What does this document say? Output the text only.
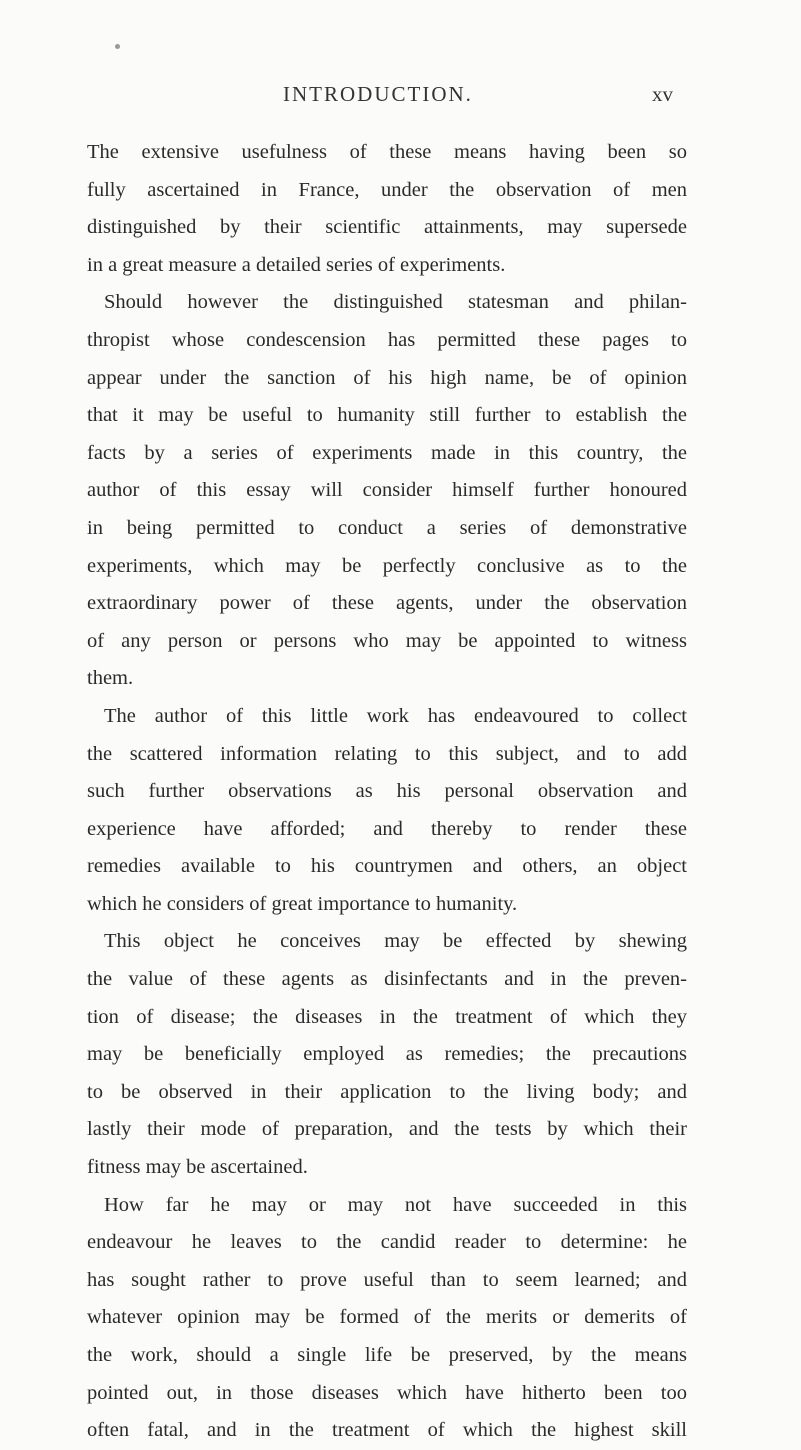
INTRODUCTION.	xv
The extensive usefulness of these means having been so
fully ascertained in France, under the observation of men
distinguished by their scientific attainments, may supersede
in a great measure a detailed series of experiments.
Should however the distinguished statesman and philan-
thropist whose condescension has permitted these pages to
appear under the sanction of his high name, be of opinion
that it may be useful to humanity still further to establish the
facts by a series of experiments made in this country, the
author of this essay will consider himself further honoured
in being permitted to conduct a series of demonstrative
experiments, which may be perfectly conclusive as to the
extraordinary power of these agents, under the observation
of any person or persons who may be appointed to witness
them.
The author of this little work has endeavoured to collect
the scattered information relating to this subject, and to add
such further observations as his personal observation and
experience have afforded; and thereby to render these
remedies available to his countrymen and others, an object
which he considers of great importance to humanity.
This object he conceives may be effected by shewing
the value of these agents as disinfectants and in the preven-
tion of disease; the diseases in the treatment of which they
may be beneficially employed as remedies; the precautions
to be observed in their application to the living body; and
lastly their mode of preparation, and the tests by which their
fitness may be ascertained.
How far he may or may not have succeeded in this
endeavour he leaves to the candid reader to determine: he
has sought rather to prove useful than to seem learned; and
whatever opinion may be formed of the merits or demerits of
the work, should a single life be preserved, by the means
pointed out, in those diseases which have hitherto been too
often fatal, and in the treatment of which the highest skill
